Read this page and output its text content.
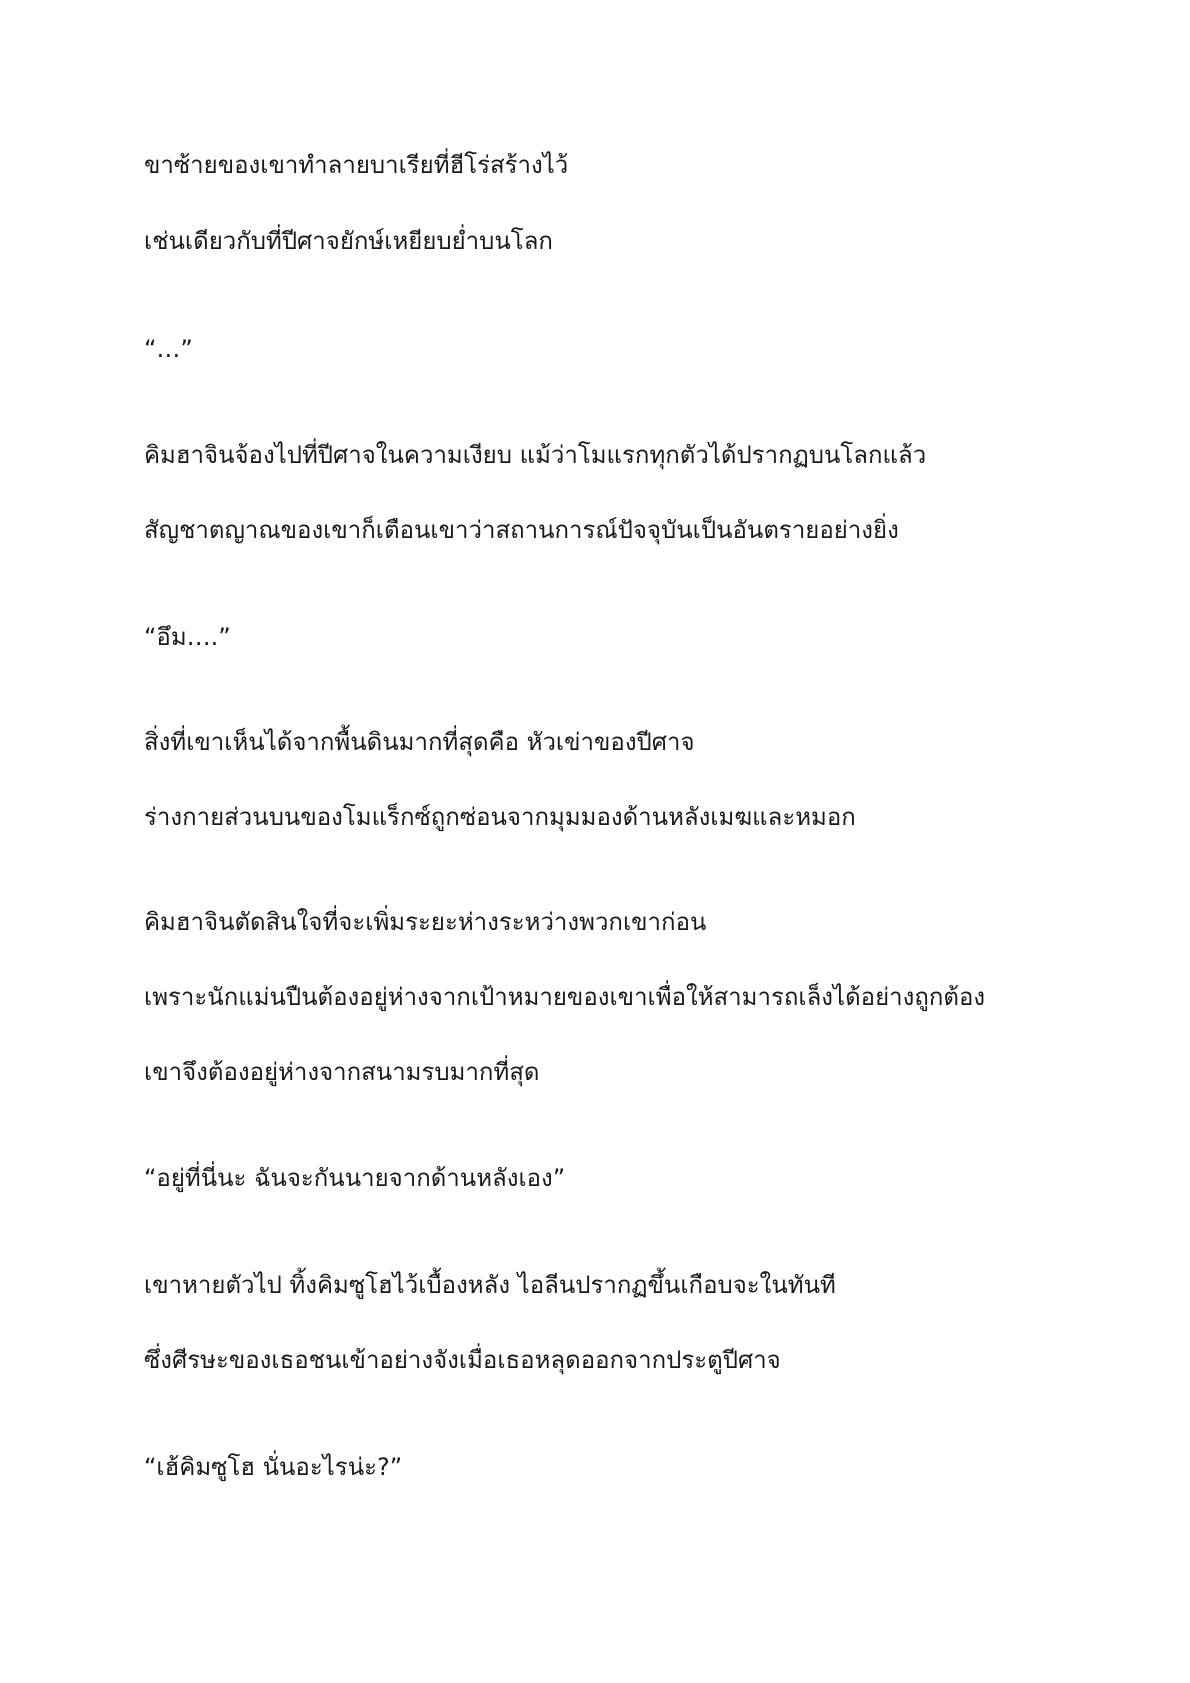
ขาซ้ายของเขาทำลายบาเรียที่ฮีโร่สร้างไว้

เช่นเดียวกับที่ปีศาจยักษ์เหยียบย่ำบนโลก

“…”

คิมฮาจินจ้องไปที่ปีศาจในความเงียบ แม้ว่าโมแรกทุกตัวได้ปรากฏบนโลกแล้ว

สัญชาตญาณของเขาก็เตือนเขาว่าสถานการณ์ปัจจุบันเป็นอันตรายอย่างยิ่ง

“อึม….”

สิ่งที่เขาเห็นได้จากพื้นดินมากที่สุดคือ หัวเข่าของปีศาจ

ร่างกายส่วนบนของโมแร็กซ์ถูกซ่อนจากมุมมองด้านหลังเมฆและหมอก

คิมฮาจินตัดสินใจที่จะเพิ่มระยะห่างระหว่างพวกเขาก่อน

เพราะนักแม่นปืนต้องอยู่ห่างจากเป้าหมายของเขาเพื่อให้สามารถเล็งได้อย่างถูกต้อง

เขาจึงต้องอยู่ห่างจากสนามรบมากที่สุด

“อยู่ที่นี่นะ ฉันจะกันนายจากด้านหลังเอง”

เขาหายตัวไป ทิ้งคิมซูโฮไว้เบื้องหลัง ไอลีนปรากฏขึ้นเกือบจะในทันที

ซึ่งศีรษะของเธอชนเข้าอย่างจังเมื่อเธอหลุดออกจากประตูปีศาจ

“เฮ้คิมซูโฮ นั่นอะไรน่ะ?”
